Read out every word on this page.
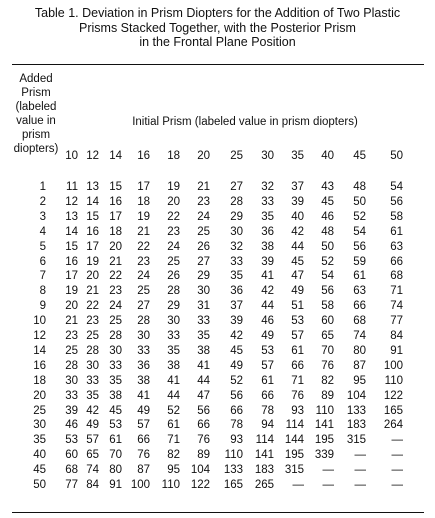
Table 1. Deviation in Prism Diopters for the Addition of Two Plastic
Prisms Stacked Together, with the Posterior Prism
in the Frontal Plane Position
Added
Prism
(labeled
value in
prism
diopters)
Initial Prism (labeled value in prism diopters)
10 12 14	16	18	20	25	30	35	40	45	50
1	11 13 15	17	19	21	27	32	37	43	48	54
2	12 14 16	18	20	23	28	33	39	45	50	56
3	13 15 17	19	22	24	29	35	40	46	52	58
4	14 16 18	21	23	25	30	36	42	48	54	61
5	15 17 20	22	24	26	32	38	44	50	56	63
6	16 19 21	23	25	27	33	39	45	52	59	66
7	17 20 22	24	26	29	35	41	47	54	61	68
8	19 21 23	25	28	30	36	42	49	56	63	71
9	20 22 24	27	29	31	37	44	51	58	66	74
10	21 23 25	28	30	33	39	46	53	60	68	77
12	23 25 28	30	33	35	42	49	57	65	74	84
14	25 28 30	33	35	38	45	53	61	70	80	91
16	28 30 33	36	38	41	49	57	66	76	87	100
18	30 33 35	38	41	44	52	61	71	82	95	110
20	33 35 38	41	44	47	56	66	76	89	104	122
25	39 42 45	49	52	56	66	78	93	110	133	165
30	46 49 53	57	61	66	78	94	114 141	183	264
35	53 57 61	66	71	76	93	114 144 195	315	—
40	60 65 70	76	82	89	110	141 195 339	—	—
45	68 74 80	87	95 104	133	183 315	—	—	—
50	77 84 91 100	110 122	165	265	—	—	—	—
